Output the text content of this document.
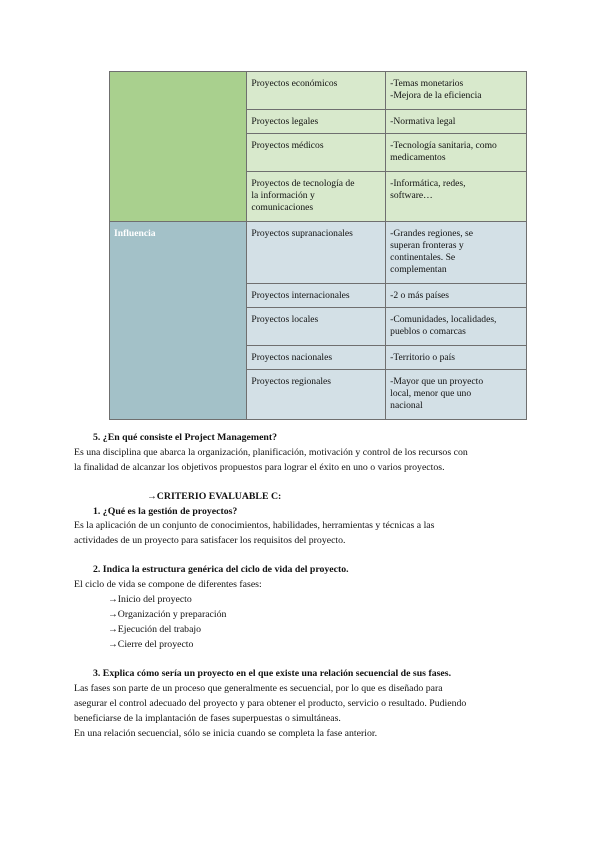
	Proyectos económicos	-Temas monetarios
-Mejora de la eficiencia

	Proyectos legales	-Normativa legal

	Proyectos médicos	-Tecnología sanitaria, como
medicamentos

	Proyectos de tecnología de
la información y
comunicaciones	-Informática, redes,
software…

Influencia	Proyectos supranacionales	-Grandes regiones, se
superan fronteras y
continentales. Se
complementan

	Proyectos internacionales	-2 o más países

	Proyectos locales	-Comunidades, localidades,
pueblos o comarcas

	Proyectos nacionales	-Territorio o país

	Proyectos regionales	-Mayor que un proyecto
local, menor que uno
nacional
5. ¿En qué consiste el Project Management?
Es una disciplina que abarca la organización, planificación, motivación y control de los recursos con
la finalidad de alcanzar los objetivos propuestos para lograr el éxito en uno o varios proyectos.
→CRITERIO EVALUABLE C:
1. ¿Qué es la gestión de proyectos?
Es la aplicación de un conjunto de conocimientos, habilidades, herramientas y técnicas a las
actividades de un proyecto para satisfacer los requisitos del proyecto.
2. Indica la estructura genérica del ciclo de vida del proyecto.
El ciclo de vida se compone de diferentes fases:
→Inicio del proyecto
→Organización y preparación
→Ejecución del trabajo
→Cierre del proyecto
3. Explica cómo sería un proyecto en el que existe una relación secuencial de sus fases.
Las fases son parte de un proceso que generalmente es secuencial, por lo que es diseñado para
asegurar el control adecuado del proyecto y para obtener el producto, servicio o resultado. Pudiendo
beneficiarse de la implantación de fases superpuestas o simultáneas.
En una relación secuencial, sólo se inicia cuando se completa la fase anterior.
